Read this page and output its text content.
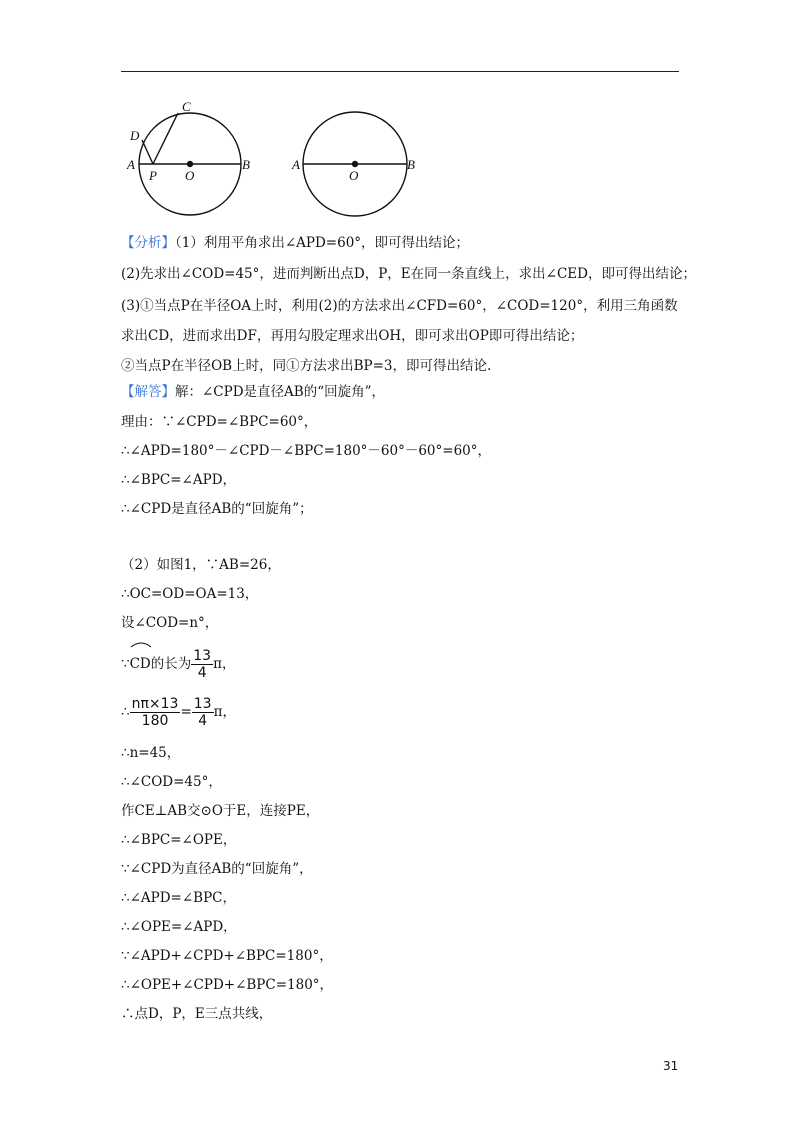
C
D
A
P O
B	A
O
B
【分析】（1）利用平角求出∠APD=60°，即可得出结论；
(2)先求出∠COD=45°，进而判断出点D，P，E在同一条直线上，求出∠CED，即可得出结论；
(3)①当点P在半径OA上时，利用(2)的方法求出∠CFD=60°，∠COD=120°，利用三角函数
求出CD，进而求出DF，再用勾股定理求出OH，即可求出OP即可得出结论；
②当点P在半径OB上时，同①方法求出BP=3，即可得出结论.
【解答】解：∠CPD是直径AB的“回旋角”，
理由：∵∠CPD=∠BPC=60°，
∴∠APD=180°－∠CPD－∠BPC=180°－60°－60°=60°，
∴∠BPC=∠APD，
∴∠CPD是直径AB的“回旋角”；
（2）如图1，∵AB=26，
∴OC=OD=OA=13，
设∠COD=n°，
∵
CD的长为 $\frac{13}{4}$ π，
∴ $\frac{n\pi\times 13}{180} = \frac{13}{4}$ π，
∴n=45，
∴∠COD=45°，
作CE⊥AB交⊙O于E，连接PE，
∴∠BPC=∠OPE，
∵∠CPD为直径AB的“回旋角”，
∴∠APD=∠BPC，
∴∠OPE=∠APD，
∵∠APD+∠CPD+∠BPC=180°，
∴∠OPE+∠CPD+∠BPC=180°，
∴点D，P，E三点共线，
31
